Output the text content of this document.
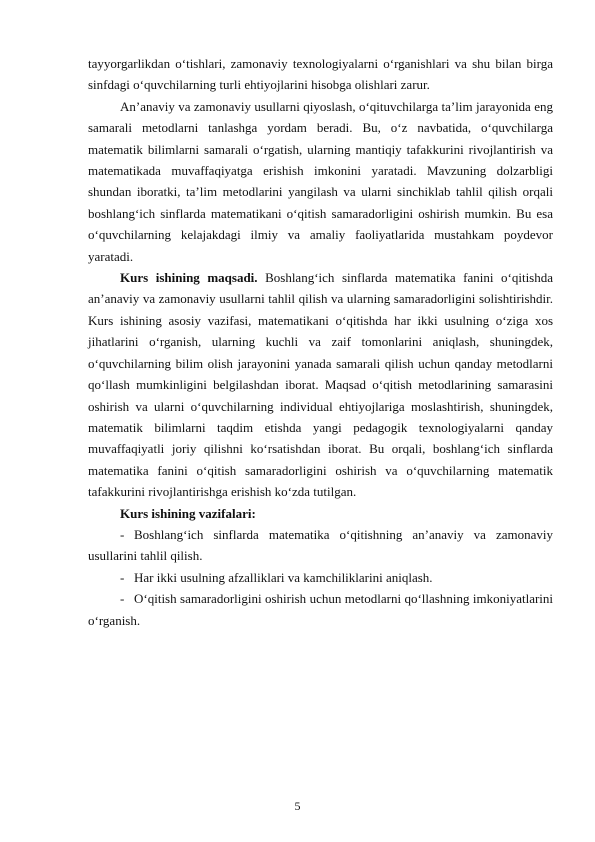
tayyorgarlikdan o‘tishlari, zamonaviy texnologiyalarni o‘rganishlari va shu bilan birga sinfdagi o‘quvchilarning turli ehtiyojlarini hisobga olishlari zarur.

An’anaviy va zamonaviy usullarni qiyoslash, o‘qituvchilarga ta’lim jarayonida eng samarali metodlarni tanlashga yordam beradi. Bu, o‘z navbatida, o‘quvchilarga matematik bilimlarni samarali o‘rgatish, ularning mantiqiy tafakkurini rivojlantirish va matematikada muvaffaqiyatga erishish imkonini yaratadi. Mavzuning dolzarbligi shundan iboratki, ta’lim metodlarini yangilash va ularni sinchiklab tahlil qilish orqali boshlang‘ich sinflarda matematikani o‘qitish samaradorligini oshirish mumkin. Bu esa o‘quvchilarning kelajakdagi ilmiy va amaliy faoliyatlarida mustahkam poydevor yaratadi.

Kurs ishining maqsadi. Boshlang‘ich sinflarda matematika fanini o‘qitishda an’anaviy va zamonaviy usullarni tahlil qilish va ularning samaradorligini solishtirishdir. Kurs ishining asosiy vazifasi, matematikani o‘qitishda har ikki usulning o‘ziga xos jihatlarini o‘rganish, ularning kuchli va zaif tomonlarini aniqlash, shuningdek, o‘quvchilarning bilim olish jarayonini yanada samarali qilish uchun qanday metodlarni qo‘llash mumkinligini belgilashdan iborat. Maqsad o‘qitish metodlarining samarasini oshirish va ularni o‘quvchilarning individual ehtiyojlariga moslashtirish, shuningdek, matematik bilimlarni taqdim etishda yangi pedagogik texnologiyalarni qanday muvaffaqiyatli joriy qilishni ko‘rsatishdan iborat. Bu orqali, boshlang‘ich sinflarda matematika fanini o‘qitish samaradorligini oshirish va o‘quvchilarning matematik tafakkurini rivojlantirishga erishish ko‘zda tutilgan.

Kurs ishining vazifalari:

- Boshlang‘ich sinflarda matematika o‘qitishning an’anaviy va zamonaviy usullarini tahlil qilish.

- Har ikki usulning afzalliklari va kamchiliklarini aniqlash.

- O‘qitish samaradorligini oshirish uchun metodlarni qo‘llashning imkoniyatlarini o‘rganish.

5
